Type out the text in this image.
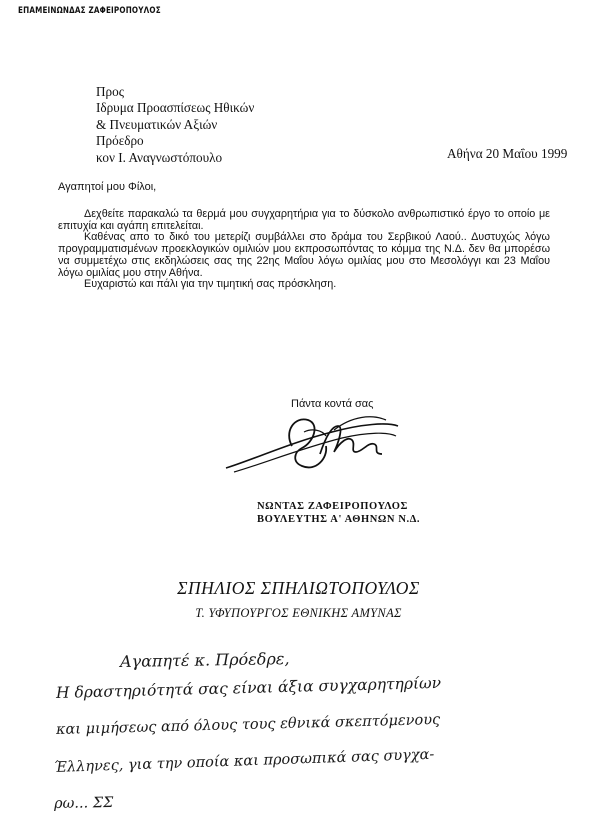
ΕΠΑΜΕΙΝΩΝΔΑΣ ΖΑΦΕΙΡΟΠΟΥΛΟΣ
Προς
Ιδρυμα Προασπίσεως Ηθικών
& Πνευματικών Αξιών
Πρόεδρο
κον Ι. Αναγνωστόπουλο	Αθήνα 20 Μαΐου 1999
Αγαπητοί μου Φίλοι,

Δεχθείτε παρακαλώ τα θερμά μου συγχαρητήρια για το δύσκολο ανθρωπιστικό έργο το οποίο με επιτυχία και αγάπη επιτελείται.

Καθένας απο το δικό του μετερίζι συμβάλλει στο δράμα του Σερβικού Λαού.. Δυστυχώς λόγω προγραμματισμένων προεκλογικών ομιλιών μου εκπροσωπόντας το κόμμα της Ν.Δ. δεν θα μπορέσω να συμμετέχω στις εκδηλώσεις σας της 22ης Μαΐου λόγω ομιλίας μου στο Μεσολόγγι και 23 Μαΐου λόγω ομιλίας μου στην Αθήνα.

Ευχαριστώ και πάλι για την τιμητική σας πρόσκληση.

Πάντα κοντά σας
ΝΩΝΤΑΣ ΖΑΦΕΙΡΟΠΟΥΛΟΣ
ΒΟΥΛΕΥΤΗΣ Α' ΑΘΗΝΩΝ Ν.Δ.
ΣΠΗΛΙΟΣ ΣΠΗΛΙΩΤΟΠΟΥΛΟΣ
Τ. ΥΦΥΠΟΥΡΓΟΣ ΕΘΝΙΚΗΣ ΑΜΥΝΑΣ
Αγαπητέ κ. Πρόεδρε,
Η δραστηριότητά σας είναι άξια συγχαρητηρίων
και μιμήσεως από όλους τους εθνικά σκεπτόμενους
Έλληνες, για την οποία και προσωπικά σας συγχα-
ρω... ΣΣ
